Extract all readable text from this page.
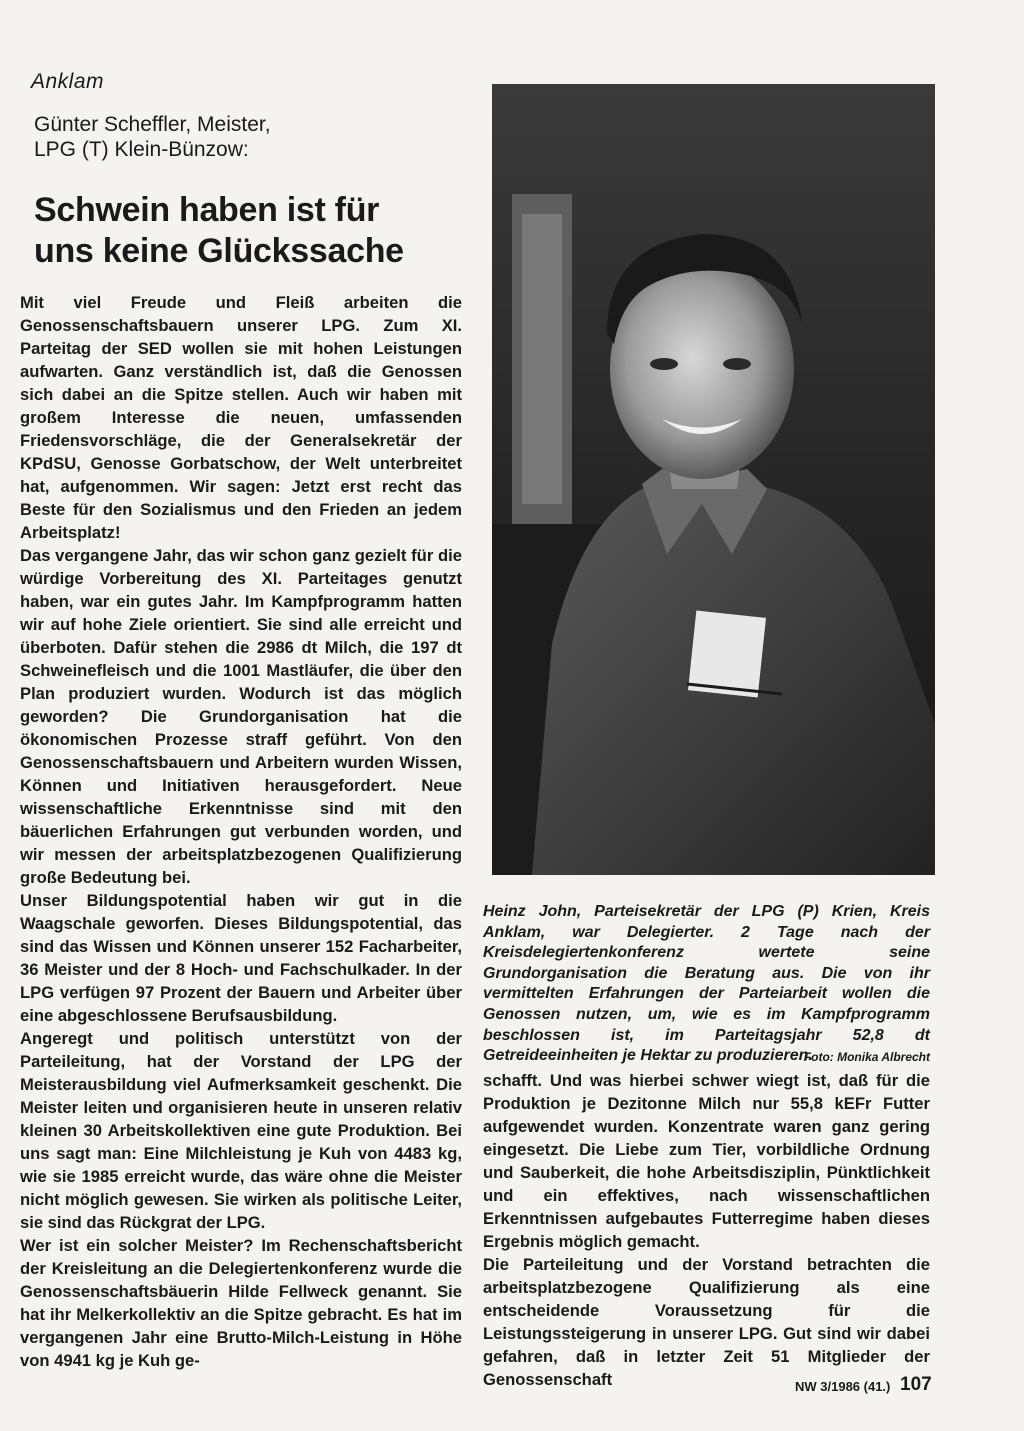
Anklam
Günter Scheffler, Meister,
LPG (T) Klein-Bünzow:
Schwein haben ist für
uns keine Glückssache

Mit viel Freude und Fleiß arbeiten die Genossenschaftsbauern unserer LPG. Zum XI. Parteitag der SED wollen sie mit hohen Leistungen aufwarten. Ganz verständlich ist, daß die Genossen sich dabei an die Spitze stellen. Auch wir haben mit großem Interesse die neuen, umfassenden Friedensvorschläge, die der Generalsekretär der KPdSU, Genosse Gorbatschow, der Welt unterbreitet hat, aufgenommen. Wir sagen: Jetzt erst recht das Beste für den Sozialismus und den Frieden an jedem Arbeitsplatz!

Das vergangene Jahr, das wir schon ganz gezielt für die würdige Vorbereitung des XI. Parteitages genutzt haben, war ein gutes Jahr. Im Kampfprogramm hatten wir auf hohe Ziele orientiert. Sie sind alle erreicht und überboten. Dafür stehen die 2986 dt Milch, die 197 dt Schweinefleisch und die 1001 Mastläufer, die über den Plan produziert wurden. Wodurch ist das möglich geworden? Die Grundorganisation hat die ökonomischen Prozesse straff geführt. Von den Genossenschaftsbauern und Arbeitern wurden Wissen, Können und Initiativen herausgefordert. Neue wissenschaftliche Erkenntnisse sind mit den bäuerlichen Erfahrungen gut verbunden worden, und wir messen der arbeitsplatzbezogenen Qualifizierung große Bedeutung bei.

Unser Bildungspotential haben wir gut in die Waagschale geworfen. Dieses Bildungspotential, das sind das Wissen und Können unserer 152 Facharbeiter, 36 Meister und der 8 Hoch- und Fachschulkader. In der LPG verfügen 97 Prozent der Bauern und Arbeiter über eine abgeschlossene Berufsausbildung.

Angeregt und politisch unterstützt von der Parteileitung, hat der Vorstand der LPG der Meisterausbildung viel Aufmerksamkeit geschenkt. Die Meister leiten und organisieren heute in unseren relativ kleinen 30 Arbeitskollektiven eine gute Produktion. Bei uns sagt man: Eine Milchleistung je Kuh von 4483 kg, wie sie 1985 erreicht wurde, das wäre ohne die Meister nicht möglich gewesen. Sie wirken als politische Leiter, sie sind das Rückgrat der LPG.

Wer ist ein solcher Meister? Im Rechenschaftsbericht der Kreisleitung an die Delegiertenkonferenz wurde die Genossenschaftsbäuerin Hilde Fellweck genannt. Sie hat ihr Melkerkollektiv an die Spitze gebracht. Es hat im vergangenen Jahr eine Brutto-Milch-Leistung in Höhe von 4941 kg je Kuh ge-

Heinz John, Parteisekretär der LPG (P) Krien, Kreis Anklam, war Delegierter. 2 Tage nach der Kreisdelegiertenkonferenz wertete seine Grundorganisation die Beratung aus. Die von ihr vermittelten Erfahrungen der Parteiarbeit wollen die Genossen nutzen, um, wie es im Kampfprogramm beschlossen ist, im Parteitagsjahr 52,8 dt Getreideeinheiten je Hektar zu produzieren.
Foto: Monika Albrecht

schafft. Und was hierbei schwer wiegt ist, daß für die Produktion je Dezitonne Milch nur 55,8 kEFr Futter aufgewendet wurden. Konzentrate waren ganz gering eingesetzt. Die Liebe zum Tier, vorbildliche Ordnung und Sauberkeit, die hohe Arbeitsdisziplin, Pünktlichkeit und ein effektives, nach wissenschaftlichen Erkenntnissen aufgebautes Futterregime haben dieses Ergebnis möglich gemacht.

Die Parteileitung und der Vorstand betrachten die arbeitsplatzbezogene Qualifizierung als eine entscheidende Voraussetzung für die Leistungssteigerung in unserer LPG. Gut sind wir dabei gefahren, daß in letzter Zeit 51 Mitglieder der Genossenschaft	NW 3/1986 (41.) 107
